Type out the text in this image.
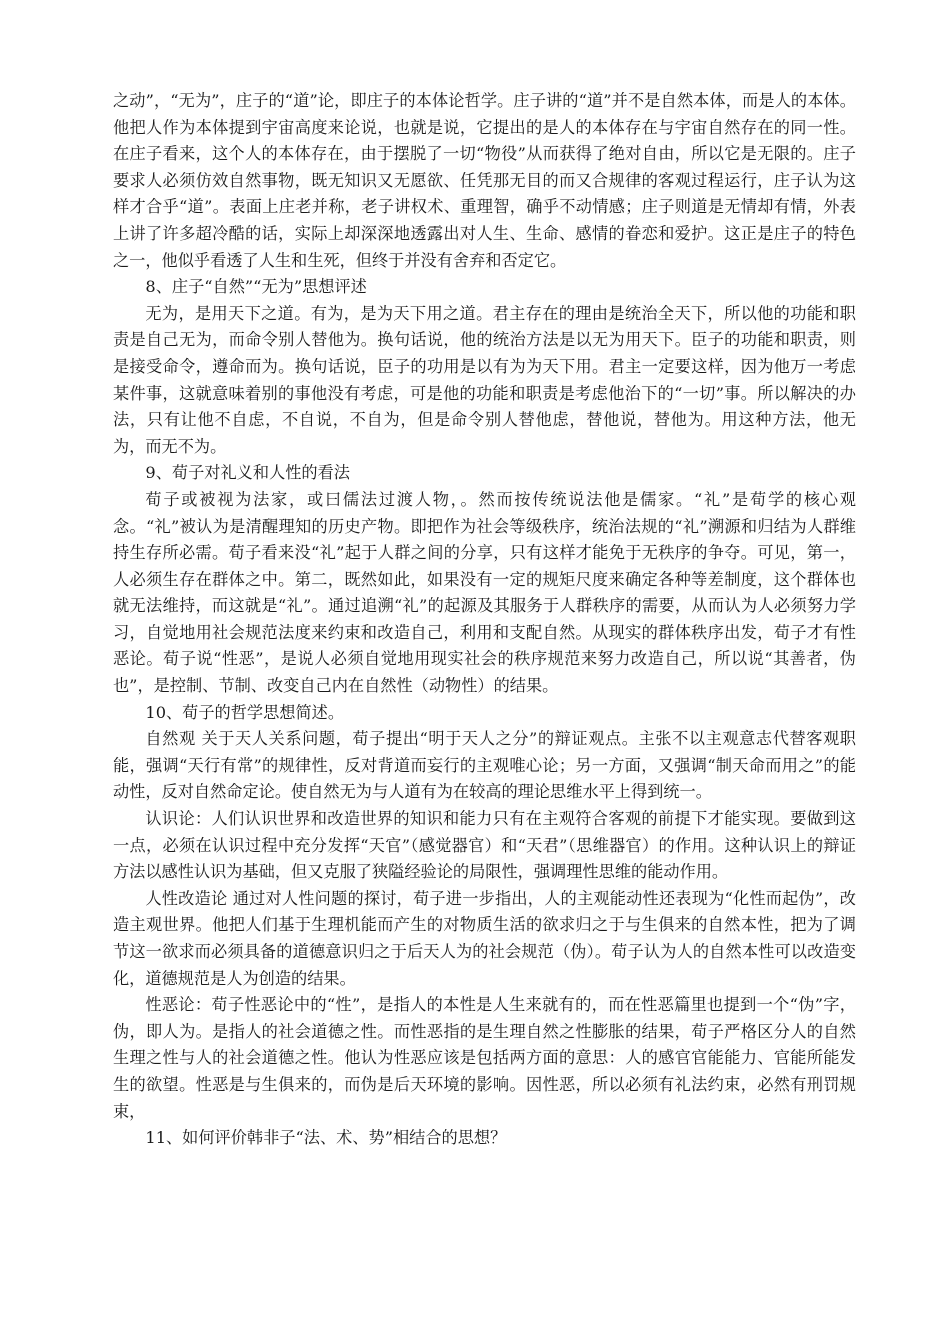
之动”，“无为”，庄子的“道”论，即庄子的本体论哲学。庄子讲的“道”并不是自然本体，而是人的本体。他把人作为本体提到宇宙高度来论说，也就是说，它提出的是人的本体存在与宇宙自然存在的同一性。在庄子看来，这个人的本体存在，由于摆脱了一切“物役”从而获得了绝对自由，所以它是无限的。庄子要求人必须仿效自然事物，既无知识又无愿欲、任凭那无目的而又合规律的客观过程运行，庄子认为这样才合乎“道”。表面上庄老并称，老子讲权术、重理智，确乎不动情感；庄子则道是无情却有情，外表上讲了许多超冷酷的话，实际上却深深地透露出对人生、生命、感情的眷恋和爱护。这正是庄子的特色之一，他似乎看透了人生和生死，但终于并没有舍弃和否定它。

8、庄子“自然”“无为”思想评述

无为，是用天下之道。有为，是为天下用之道。君主存在的理由是统治全天下，所以他的功能和职责是自己无为，而命令别人替他为。换句话说，他的统治方法是以无为用天下。臣子的功能和职责，则是接受命令，遵命而为。换句话说，臣子的功用是以有为为天下用。君主一定要这样，因为他万一考虑某件事，这就意味着别的事他没有考虑，可是他的功能和职责是考虑他治下的“一切”事。所以解决的办法，只有让他不自虑，不自说，不自为，但是命令别人替他虑，替他说，替他为。用这种方法，他无为，而无不为。

9、荀子对礼义和人性的看法

荀子或被视为法家，或曰儒法过渡人物，。然而按传统说法他是儒家。“礼”是荀学的核心观念。“礼”被认为是清醒理知的历史产物。即把作为社会等级秩序，统治法规的“礼”溯源和归结为人群维持生存所必需。荀子看来没“礼”起于人群之间的分享，只有这样才能免于无秩序的争夺。可见，第一，人必须生存在群体之中。第二，既然如此，如果没有一定的规矩尺度来确定各种等差制度，这个群体也就无法维持，而这就是“礼”。通过追溯“礼”的起源及其服务于人群秩序的需要，从而认为人必须努力学习，自觉地用社会规范法度来约束和改造自己，利用和支配自然。从现实的群体秩序出发，荀子才有性恶论。荀子说“性恶”，是说人必须自觉地用现实社会的秩序规范来努力改造自己，所以说“其善者，伪也”，是控制、节制、改变自己内在自然性（动物性）的结果。

10、荀子的哲学思想简述。

自然观 关于天人关系问题，荀子提出“明于天人之分”的辩证观点。主张不以主观意志代替客观职能，强调“天行有常”的规律性，反对背道而妄行的主观唯心论；另一方面，又强调“制天命而用之”的能动性，反对自然命定论。使自然无为与人道有为在较高的理论思维水平上得到统一。

认识论：人们认识世界和改造世界的知识和能力只有在主观符合客观的前提下才能实现。要做到这一点，必须在认识过程中充分发挥“天官”（感觉器官）和“天君”（思维器官）的作用。这种认识上的辩证方法以感性认识为基础，但又克服了狭隘经验论的局限性，强调理性思维的能动作用。

人性改造论 通过对人性问题的探讨，荀子进一步指出，人的主观能动性还表现为“化性而起伪”，改造主观世界。他把人们基于生理机能而产生的对物质生活的欲求归之于与生俱来的自然本性，把为了调节这一欲求而必须具备的道德意识归之于后天人为的社会规范（伪）。荀子认为人的自然本性可以改造变化，道德规范是人为创造的结果。

性恶论：荀子性恶论中的“性”，是指人的本性是人生来就有的，而在性恶篇里也提到一个“伪”字，伪，即人为。是指人的社会道德之性。而性恶指的是生理自然之性膨胀的结果，荀子严格区分人的自然生理之性与人的社会道德之性。他认为性恶应该是包括两方面的意思：人的感官官能能力、官能所能发生的欲望。性恶是与生俱来的，而伪是后天环境的影响。因性恶，所以必须有礼法约束，必然有刑罚规束，

11、如何评价韩非子“法、术、势”相结合的思想？
